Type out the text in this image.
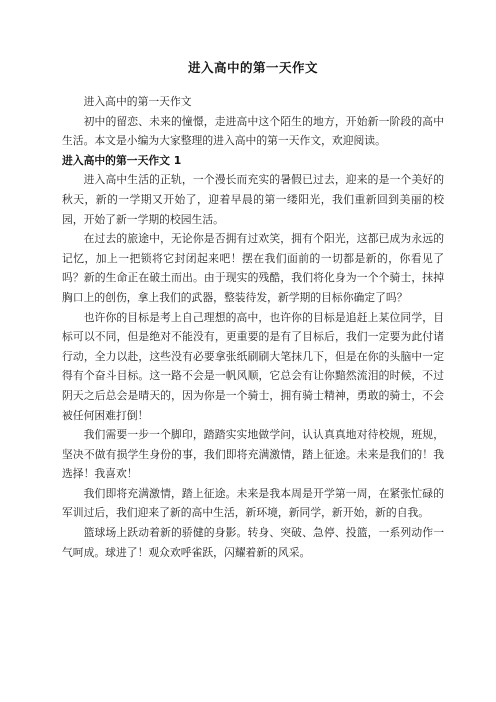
进入高中的第一天作文

进入高中的第一天作文

初中的留恋、未来的憧憬，走进高中这个陌生的地方，开始新一阶段的高中生活。本文是小编为大家整理的进入高中的第一天作文，欢迎阅读。

进入高中的第一天作文 1

进入高中生活的正轨，一个漫长而充实的暑假已过去，迎来的是一个美好的秋天，新的一学期又开始了，迎着早晨的第一缕阳光，我们重新回到美丽的校园，开始了新一学期的校园生活。

在过去的旅途中，无论你是否拥有过欢笑，拥有个阳光，这都已成为永远的记忆，加上一把锁将它封闭起来吧！摆在我们面前的一切都是新的，你看见了吗？新的生命正在破土而出。由于现实的残酷，我们将化身为一个个骑士，抹掉胸口上的创伤，拿上我们的武器，整装待发，新学期的目标你确定了吗？

也许你的目标是考上自己理想的高中，也许你的目标是追赶上某位同学，目标可以不同，但是绝对不能没有，更重要的是有了目标后，我们一定要为此付诸行动，全力以赴，这些没有必要拿张纸刷刷大笔抹几下，但是在你的头脑中一定得有个奋斗目标。这一路不会是一帆风顺，它总会有让你黯然流泪的时候，不过阴天之后总会是晴天的，因为你是一个骑士，拥有骑士精神，勇敢的骑士，不会被任何困难打倒！

我们需要一步一个脚印，踏踏实实地做学问，认认真真地对待校规，班规，坚决不做有损学生身份的事，我们即将充满激情，踏上征途。未来是我们的！我选择！我喜欢！

我们即将充满激情，踏上征途。未来是我本周是开学第一周，在紧张忙碌的军训过后，我们迎来了新的高中生活，新环境，新同学，新开始，新的自我。

篮球场上跃动着新的骄健的身影。转身、突破、急停、投篮，一系列动作一气呵成。球进了！观众欢呼雀跃，闪耀着新的风采。
